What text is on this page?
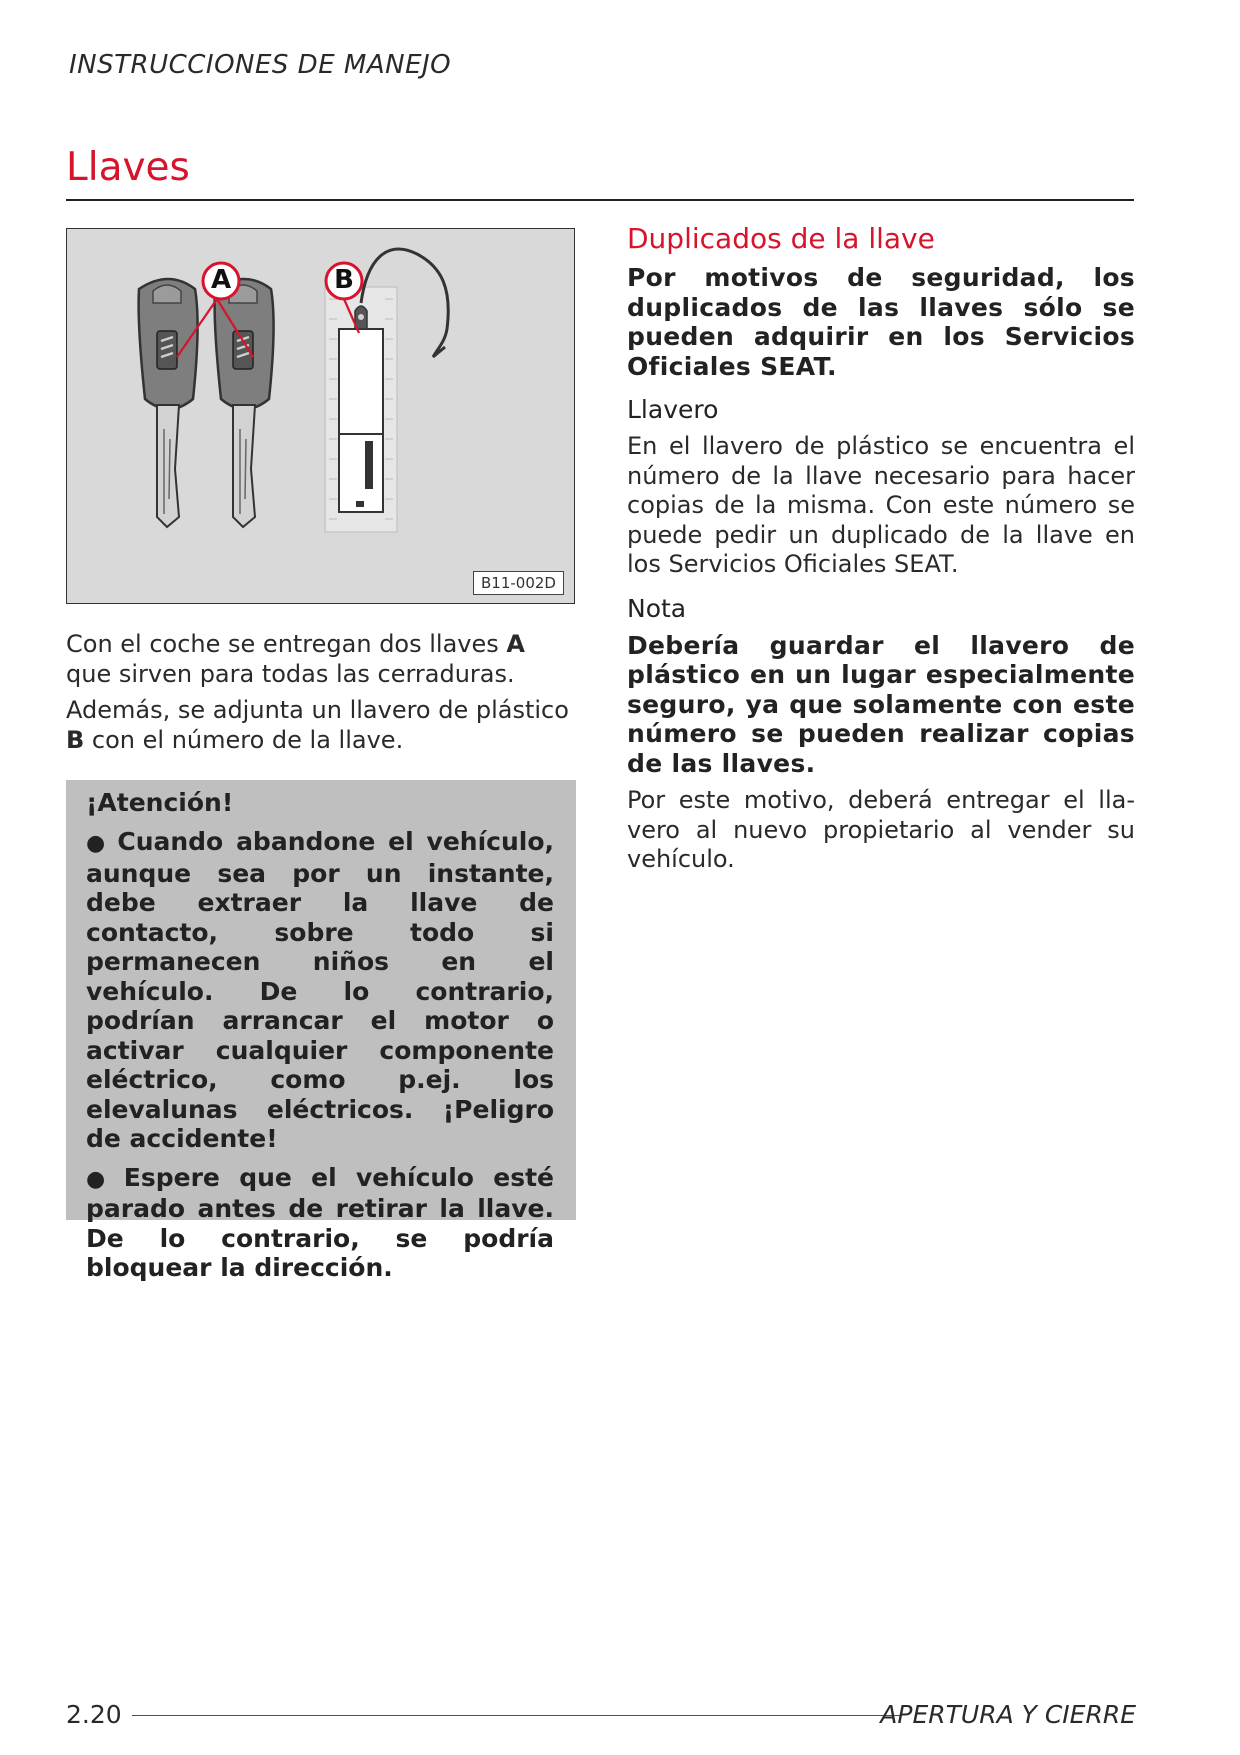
INSTRUCCIONES DE MANEJO
Llaves
A	B
B11-002D

Con el coche se entregan dos llaves A que sirven para todas las cerraduras.

Además, se adjunta un llavero de plástico B con el número de la llave.

¡Atención!

● Cuando abandone el vehículo, aunque sea por un instante, debe extraer la llave de contacto, sobre todo si permanecen niños en el vehículo. De lo contrario, podrían arrancar el motor o activar cualquier componente eléctrico, como p.ej. los elevalunas eléctricos. ¡Peligro de accidente!

● Espere que el vehículo esté parado antes de retirar la llave. De lo contrario, se podría bloquear la dirección.

Duplicados de la llave

Por motivos de seguridad, los duplicados de las llaves sólo se pueden adquirir en los Servicios Oficiales SEAT.

Llavero

En el llavero de plástico se encuentra el número de la llave necesario para hacer copias de la misma. Con este número se puede pedir un duplicado de la llave en los Servicios Oficiales SEAT.

Nota

Debería guardar el llavero de plástico en un lugar especialmente seguro, ya que solamente con este número se pueden realizar copias de las llaves.

Por este motivo, deberá entregar el llavero al nuevo propietario al vender su vehículo.

2.20	APERTURA Y CIERRE
